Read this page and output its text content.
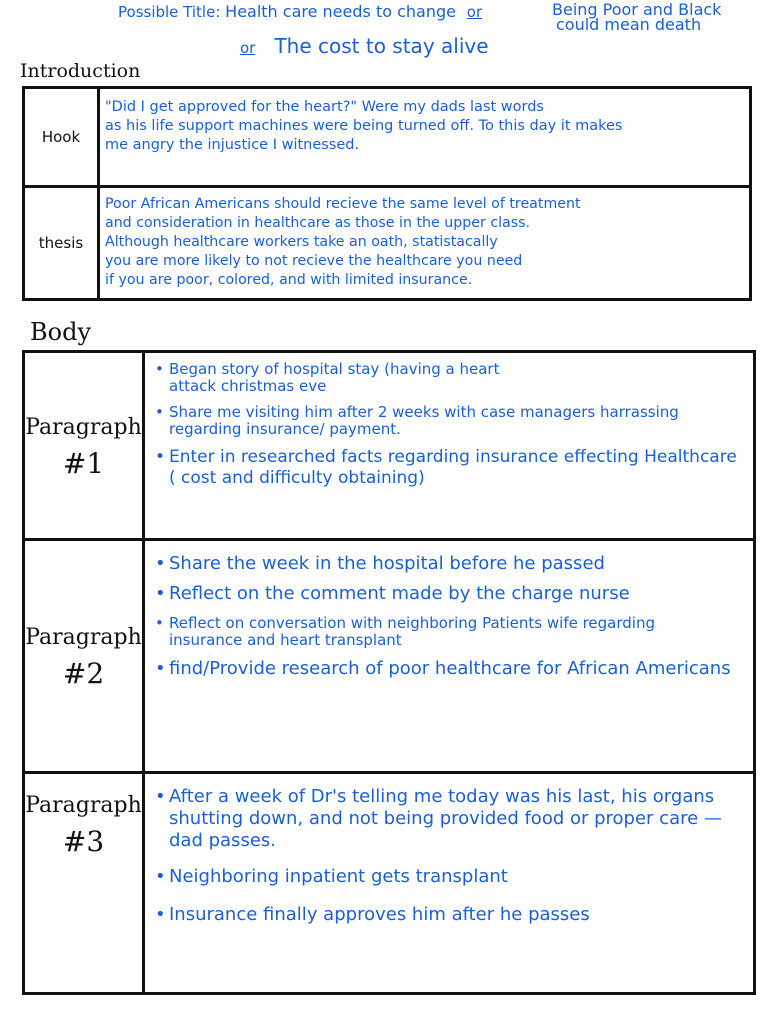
Possible Title: Health care needs to change or	Being Poor and Black
could mean death
or The cost to stay alive
Introduction
Hook
"Did I get approved for the heart?" Were my dads last words
as his life support machines were being turned off. To this day it makes
me angry the injustice I witnessed.
thesis
Poor African Americans should recieve the same level of treatment
and consideration in healthcare as those in the upper class.
Although healthcare workers take an oath, statistacally
you are more likely to not recieve the healthcare you need
if you are poor, colored, and with limited insurance.
Body
Paragraph
#1

• Began story of hospital stay (having a heart attack christmas eve

• Share me visiting him after 2 weeks with case managers harrassing regarding insurance/ payment.

• Enter in researched facts regarding insurance effecting Healthcare ( cost and difficulty obtaining)

Paragraph
#2

• Share the week in the hospital before he passed

• Reflect on the comment made by the charge nurse

• Reflect on conversation with neighboring Patients wife regarding insurance and heart transplant

• find/Provide research of poor healthcare for African Americans

Paragraph
#3

• After a week of Dr's telling me today was his last, his organs shutting down, and not being provided food or proper care — dad passes.

• Neighboring inpatient gets transplant

• Insurance finally approves him after he passes
